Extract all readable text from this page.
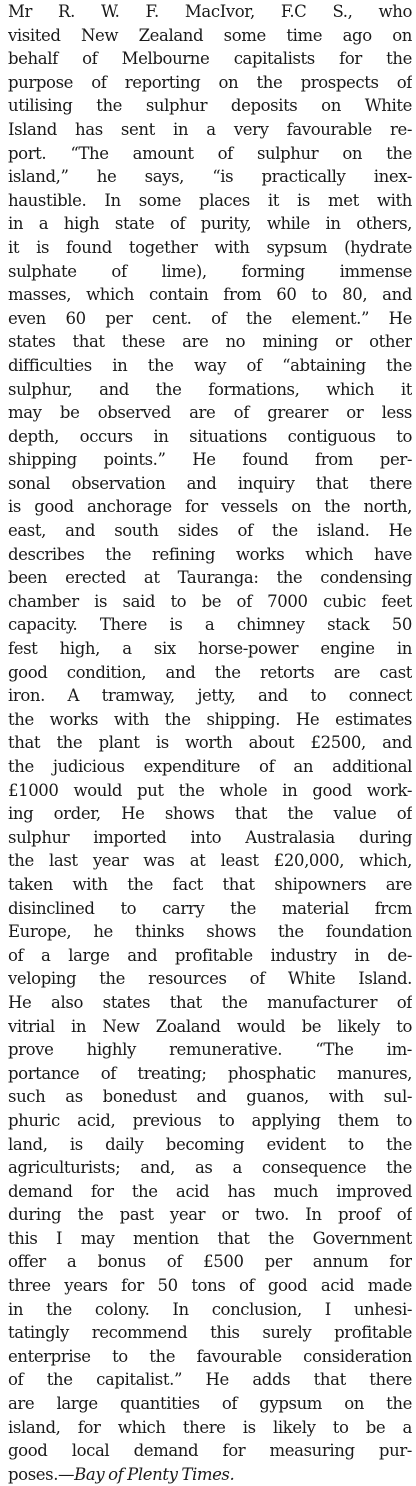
Mr R. W. F. MacIvor, F.C S., who
visited New Zealand some time ago on
behalf of Melbourne capitalists for the
purpose of reporting on the prospects of
utilising the sulphur deposits on White
Island has sent in a very favourable re-
port. “The amount of sulphur on the
island,” he says, “is practically inex-
haustible. In some places it is met with
in a high state of purity, while in others,
it is found together with sypsum (hydrate
sulphate of lime), forming immense
masses, which contain from 60 to 80, and
even 60 per cent. of the element.” He
states that these are no mining or other
difficulties in the way of “abtaining the
sulphur, and the formations, which it
may be observed are of grearer or less
depth, occurs in situations contiguous to
shipping points.” He found from per-
sonal observation and inquiry that there
is good anchorage for vessels on the north,
east, and south sides of the island. He
describes the refining works which have
been erected at Tauranga: the condensing
chamber is said to be of 7000 cubic feet
capacity. There is a chimney stack 50
fest high, a six horse-power engine in
good condition, and the retorts are cast
iron. A tramway, jetty, and to connect
the works with the shipping. He estimates
that the plant is worth about £2500, and
the judicious expenditure of an additional
£1000 would put the whole in good work-
ing order, He shows that the value of
sulphur imported into Australasia during
the last year was at least £20,000, which,
taken with the fact that shipowners are
disinclined to carry the material frcm
Europe, he thinks shows the foundation
of a large and profitable industry in de-
veloping the resources of White Island.
He also states that the manufacturer of
vitrial in New Zoaland would be likely to
prove highly remunerative. “The im-
portance of treating; phosphatic manures,
such as bonedust and guanos, with sul-
phuric acid, previous to applying them to
land, is daily becoming evident to the
agriculturists; and, as a consequence the
demand for the acid has much improved
during the past year or two. In proof of
this I may mention that the Government
offer a bonus of £500 per annum for
three years for 50 tons of good acid made
in the colony. In conclusion, I unhesi-
tatingly recommend this surely profitable
enterprise to the favourable consideration
of the capitalist.” He adds that there
are large quantities of gypsum on the
island, for which there is likely to be a
good local demand for measuring pur-
poses.—Bay of Plenty Times.
